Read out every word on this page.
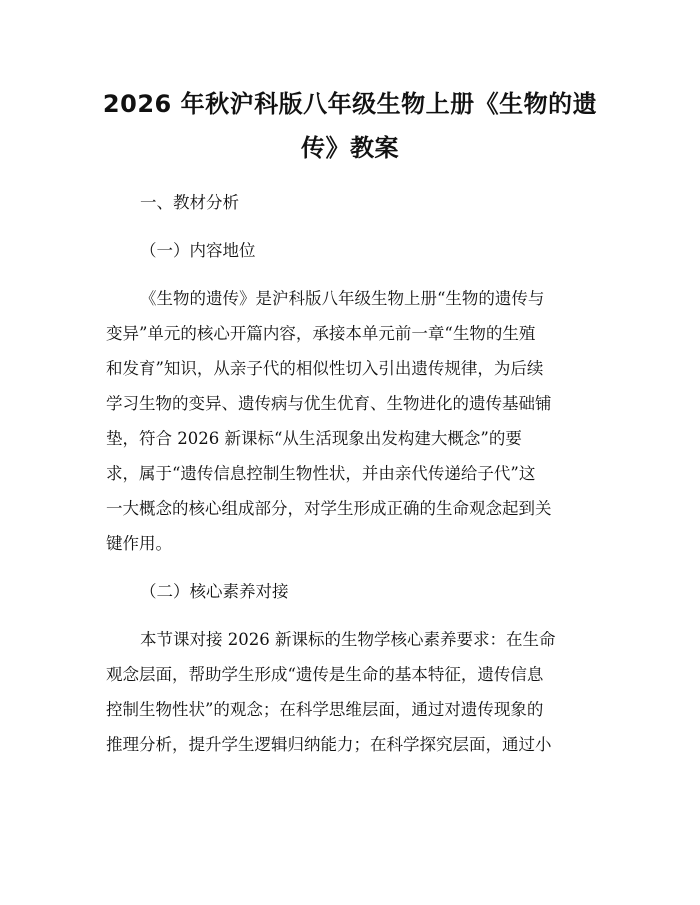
2026 年秋沪科版八年级生物上册《生物的遗
传》教案

一、教材分析

（一）内容地位

《生物的遗传》是沪科版八年级生物上册“生物的遗传与

变异”单元的核心开篇内容，承接本单元前一章“生物的生殖

和发育”知识，从亲子代的相似性切入引出遗传规律，为后续

学习生物的变异、遗传病与优生优育、生物进化的遗传基础铺

垫，符合 2026 新课标“从生活现象出发构建大概念”的要

求，属于“遗传信息控制生物性状，并由亲代传递给子代”这

一大概念的核心组成部分，对学生形成正确的生命观念起到关

键作用。

（二）核心素养对接

本节课对接 2026 新课标的生物学核心素养要求：在生命

观念层面，帮助学生形成“遗传是生命的基本特征，遗传信息

控制生物性状”的观念；在科学思维层面，通过对遗传现象的

推理分析，提升学生逻辑归纳能力；在科学探究层面，通过小
